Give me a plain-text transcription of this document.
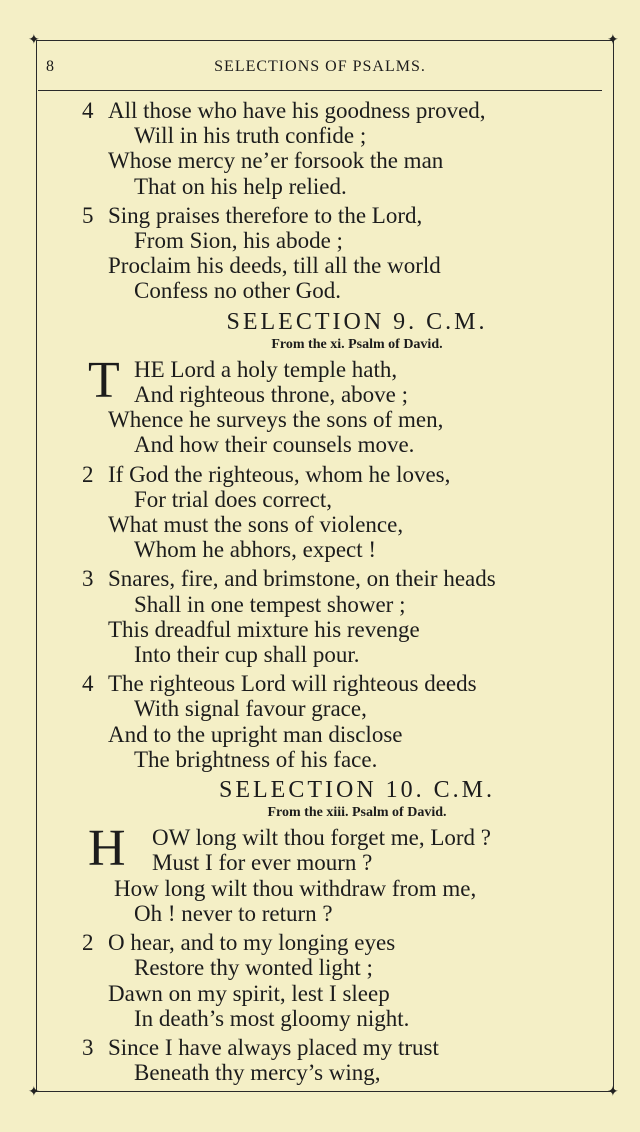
✦	✦
✦	✦
8	SELECTIONS OF PSALMS.
4 All those who have his goodness proved,
Will in his truth confide ;
Whose mercy ne’er forsook the man
That on his help relied.
5 Sing praises therefore to the Lord,
From Sion, his abode ;
Proclaim his deeds, till all the world
Confess no other God.
SELECTION 9. C.M.
From the xi. Psalm of David.
T HE Lord a holy temple hath,
And righteous throne, above ;
Whence he surveys the sons of men,
And how their counsels move.
2 If God the righteous, whom he loves,
For trial does correct,
What must the sons of violence,
Whom he abhors, expect !
3 Snares, fire, and brimstone, on their heads
Shall in one tempest shower ;
This dreadful mixture his revenge
Into their cup shall pour.
4 The righteous Lord will righteous deeds
With signal favour grace,
And to the upright man disclose
The brightness of his face.
SELECTION 10. C.M.
From the xiii. Psalm of David.
H	OW long wilt thou forget me, Lord ?
Must I for ever mourn ?
How long wilt thou withdraw from me,
Oh ! never to return ?
2 O hear, and to my longing eyes
Restore thy wonted light ;
Dawn on my spirit, lest I sleep
In death’s most gloomy night.
3 Since I have always placed my trust
Beneath thy mercy’s wing,
